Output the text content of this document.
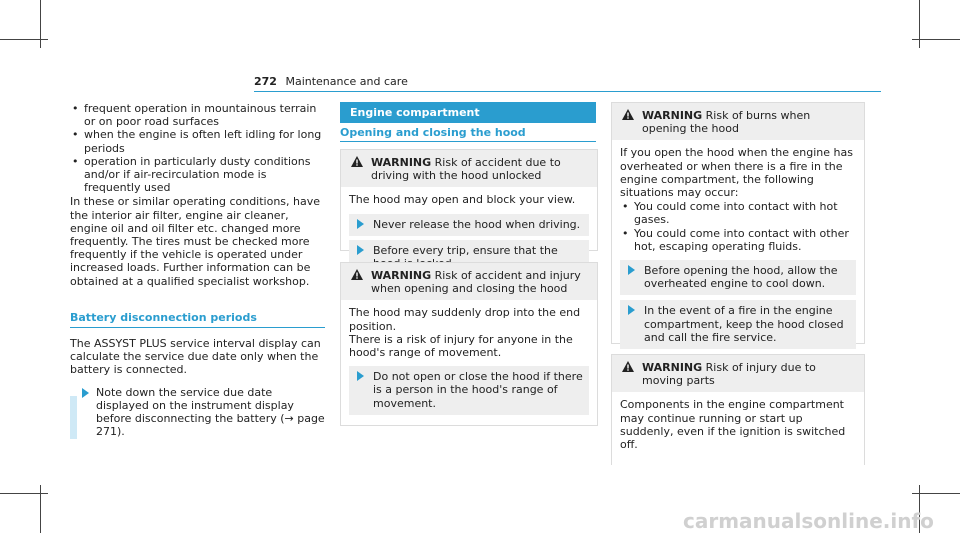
272 Maintenance and care
• frequent operation in mountainous terrain or on poor road surfaces
• when the engine is often left idling for long periods
• operation in particularly dusty conditions and/or if air-recirculation mode is frequently used

In these or similar operating conditions, have the interior air filter, engine air cleaner, engine oil and oil filter etc. changed more frequently. The tires must be checked more frequently if the vehicle is operated under increased loads. Further information can be obtained at a qualified specialist workshop.

Battery disconnection periods

The ASSYST PLUS service interval display can calculate the service due date only when the battery is connected.

Note down the service due date displayed on the instrument display before disconnecting the battery (→ page 271).
Engine compartment
Opening and closing the hood
WARNING Risk of accident due to driving with the hood unlocked

The hood may open and block your view.

Never release the hood when driving.
Before every trip, ensure that the
WARNING Risk of accident and injury when opening and closing the hood

The hood may suddenly drop into the end position.

There is a risk of injury for anyone in the hood's range of movement.

Do not open or close the hood if there is a person in the hood's range of movement.
WARNING Risk of burns when opening the hood

If you open the hood when the engine has overheated or when there is a fire in the engine compartment, the following situations may occur:

• You could come into contact with hot gases.
• You could come into contact with other hot, escaping operating fluids.
Before opening the hood, allow the overheated engine to cool down.
In the event of a fire in the engine compartment, keep the hood closed and call the fire service.
WARNING Risk of injury due to moving parts

Components in the engine compartment may continue running or start up suddenly, even if the ignition is switched off.

carmanualsonline.info
